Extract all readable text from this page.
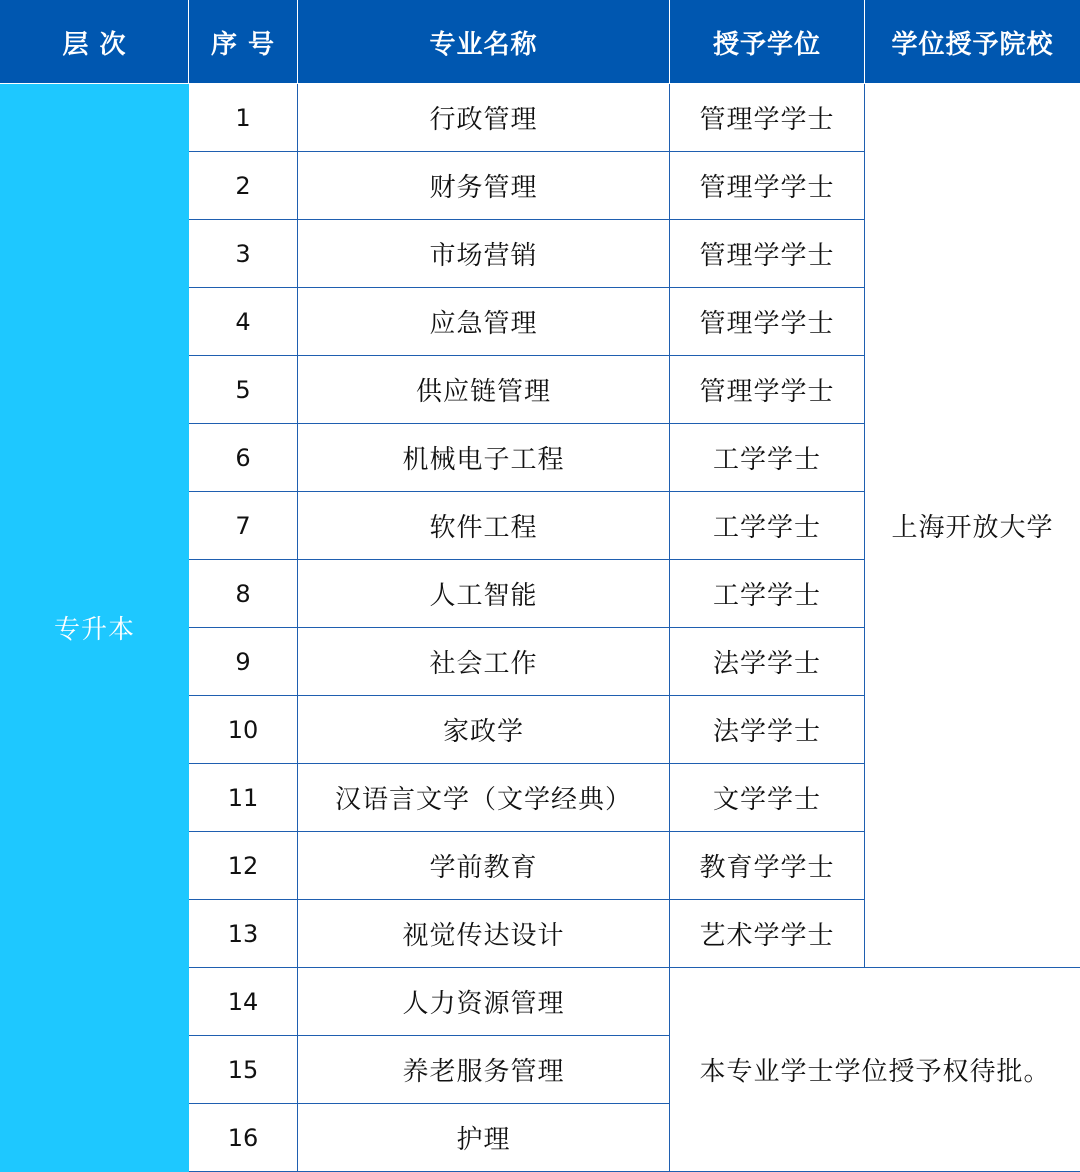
层 次	序 号	专业名称	授予学位	学位授予院校
专升本	1	行政管理	管理学学士	上海开放大学
	2	财务管理	管理学学士	
	3	市场营销	管理学学士	
	4	应急管理	管理学学士	
	5	供应链管理	管理学学士	
	6	机械电子工程	工学学士	
	7	软件工程	工学学士	
	8	人工智能	工学学士	
	9	社会工作	法学学士	
	10	家政学	法学学士	
	11	汉语言文学（文学经典）	文学学士	
	12	学前教育	教育学学士	
	13	视觉传达设计	艺术学学士	
	14	人力资源管理	本专业学士学位授予权待批。	
	15	养老服务管理		
	16	护理		
